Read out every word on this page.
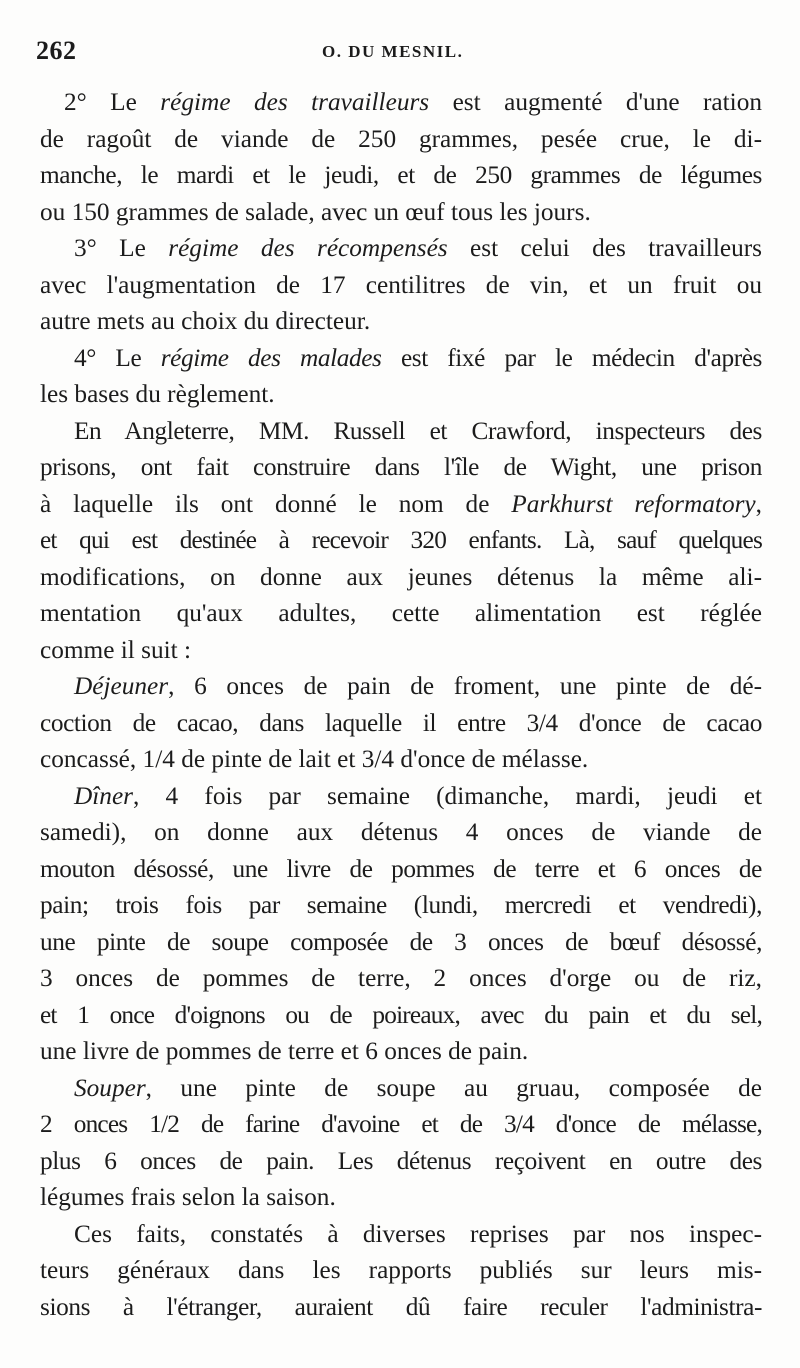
262	O. DU MESNIL.
2° Le régime des travailleurs est augmenté d'une ration
de ragoût de viande de 250 grammes, pesée crue, le di-
manche, le mardi et le jeudi, et de 250 grammes de légumes
ou 150 grammes de salade, avec un œuf tous les jours.
3° Le régime des récompensés est celui des travailleurs
avec l'augmentation de 17 centilitres de vin, et un fruit ou
autre mets au choix du directeur.
4° Le régime des malades est fixé par le médecin d'après
les bases du règlement.
En Angleterre, MM. Russell et Crawford, inspecteurs des
prisons, ont fait construire dans l'île de Wight, une prison
à laquelle ils ont donné le nom de Parkhurst reformatory,
et qui est destinée à recevoir 320 enfants. Là, sauf quelques
modifications, on donne aux jeunes détenus la même ali-
mentation qu'aux adultes, cette alimentation est réglée
comme il suit :
Déjeuner, 6 onces de pain de froment, une pinte de dé-
coction de cacao, dans laquelle il entre 3/4 d'once de cacao
concassé, 1/4 de pinte de lait et 3/4 d'once de mélasse.
Dîner, 4 fois par semaine (dimanche, mardi, jeudi et
samedi), on donne aux détenus 4 onces de viande de
mouton désossé, une livre de pommes de terre et 6 onces de
pain; trois fois par semaine (lundi, mercredi et vendredi),
une pinte de soupe composée de 3 onces de bœuf désossé,
3 onces de pommes de terre, 2 onces d'orge ou de riz,
et 1 once d'oignons ou de poireaux, avec du pain et du sel,
une livre de pommes de terre et 6 onces de pain.
Souper, une pinte de soupe au gruau, composée de
2 onces 1/2 de farine d'avoine et de 3/4 d'once de mélasse,
plus 6 onces de pain. Les détenus reçoivent en outre des
légumes frais selon la saison.
Ces faits, constatés à diverses reprises par nos inspec-
teurs généraux dans les rapports publiés sur leurs mis-
sions à l'étranger, auraient dû faire reculer l'administra-
